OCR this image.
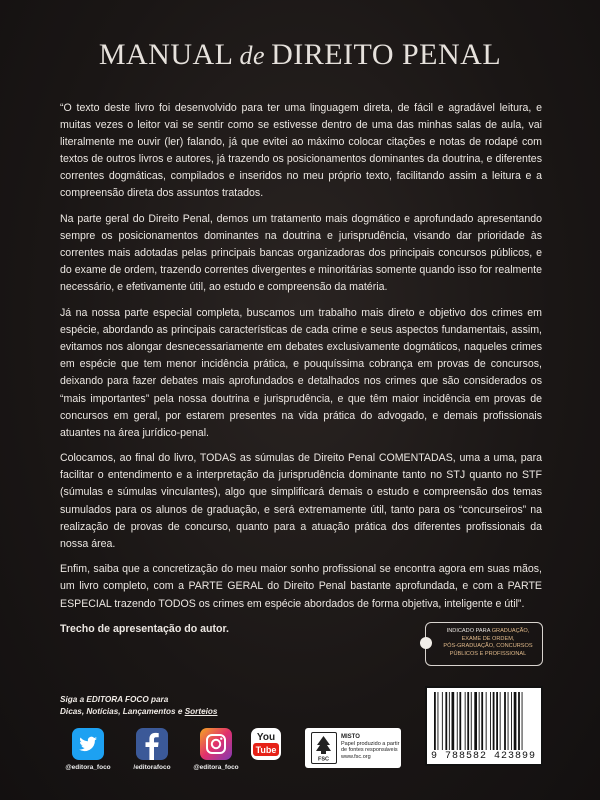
MANUAL de DIREITO PENAL

“O texto deste livro foi desenvolvido para ter uma linguagem direta, de fácil e agradável leitura, e muitas vezes o leitor vai se sentir como se estivesse dentro de uma das minhas salas de aula, vai literalmente me ouvir (ler) falando, já que evitei ao máximo colocar citações e notas de rodapé com textos de outros livros e autores, já trazendo os posicionamentos dominantes da doutrina, e diferentes correntes dogmáticas, compilados e inseridos no meu próprio texto, facilitando assim a leitura e a compreensão direta dos assuntos tratados.

Na parte geral do Direito Penal, demos um tratamento mais dogmático e aprofundado apresentando sempre os posicionamentos dominantes na doutrina e jurisprudência, visando dar prioridade às correntes mais adotadas pelas principais bancas organizadoras dos principais concursos públicos, e do exame de ordem, trazendo correntes divergentes e minoritárias somente quando isso for realmente necessário, e efetivamente útil, ao estudo e compreensão da matéria.

Já na nossa parte especial completa, buscamos um trabalho mais direto e objetivo dos crimes em espécie, abordando as principais características de cada crime e seus aspectos fundamentais, assim, evitamos nos alongar desnecessariamente em debates exclusivamente dogmáticos, naqueles crimes em espécie que tem menor incidência prática, e pouquíssima cobrança em provas de concursos, deixando para fazer debates mais aprofundados e detalhados nos crimes que são considerados os “mais importantes” pela nossa doutrina e jurisprudência, e que têm maior incidência em provas de concursos em geral, por estarem presentes na vida prática do advogado, e demais profissionais atuantes na área jurídico-penal.

Colocamos, ao final do livro, TODAS as súmulas de Direito Penal COMENTADAS, uma a uma, para facilitar o entendimento e a interpretação da jurisprudência dominante tanto no STJ quanto no STF (súmulas e súmulas vinculantes), algo que simplificará demais o estudo e compreensão dos temas sumulados para os alunos de graduação, e será extremamente útil, tanto para os “concurseiros” na realização de provas de concurso, quanto para a atuação prática dos diferentes profissionais da nossa área.

Enfim, saiba que a concretização do meu maior sonho profissional se encontra agora em suas mãos, um livro completo, com a PARTE GERAL do Direito Penal bastante aprofundada, e com a PARTE ESPECIAL trazendo TODOS os crimes em espécie abordados de forma objetiva, inteligente e útil”.

Trecho de apresentação do autor.	INDICADO PARA GRADUAÇÃO,
EXAME DE ORDEM,
PÓS-GRADUAÇÃO, CONCURSOS
PÚBLICOS E PROFISSIONAL
Siga a EDITORA FOCO para
Dicas, Notícias, Lançamentos e Sorteios
@editora_foco	/editorafoco	@editora_foco
You
Tube
FSC
MISTO
Papel produzido a partir de fontes responsáveis
www.fsc.org	9 788582 423899
